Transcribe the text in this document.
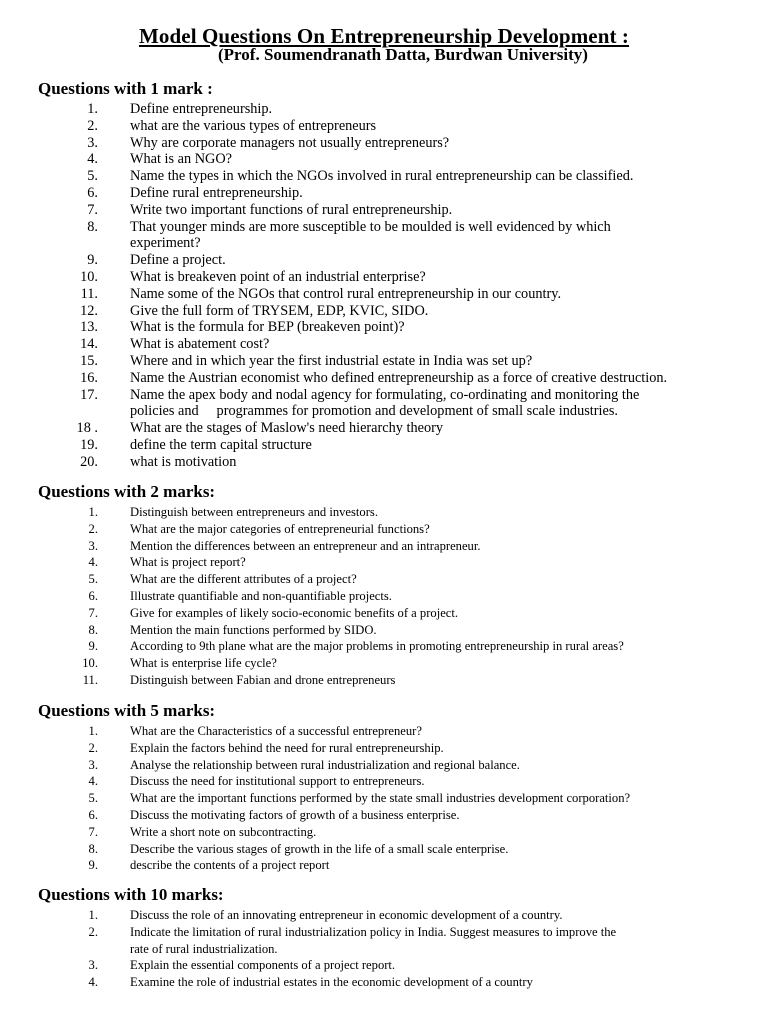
Model Questions On Entrepreneurship Development :
(Prof. Soumendranath Datta, Burdwan University)
Questions with 1 mark :
1. Define entrepreneurship.
2. what are the various types of entrepreneurs
3. Why are corporate managers not usually entrepreneurs?
4. What is an NGO?
5. Name the types in which the NGOs involved in rural entrepreneurship can be classified.
6. Define rural entrepreneurship.
7. Write two important functions of rural entrepreneurship.
8. That younger minds are more susceptible to be moulded is well evidenced by which
experiment?
9. Define a project.
10. What is breakeven point of an industrial enterprise?
11. Name some of the NGOs that control rural entrepreneurship in our country.
12. Give the full form of TRYSEM, EDP, KVIC, SIDO.
13. What is the formula for BEP (breakeven point)?
14. What is abatement cost?
15. Where and in which year the first industrial estate in India was set up?
16. Name the Austrian economist who defined entrepreneurship as a force of creative destruction.
17. Name the apex body and nodal agency for formulating, co-ordinating and monitoring the
policies and     programmes for promotion and development of small scale industries.
18 . What are the stages of Maslow's need hierarchy theory
19. define the term capital structure
20. what is motivation
Questions with 2 marks:
1.	Distinguish between entrepreneurs and investors.
2.	What are the major categories of entrepreneurial functions?
3.	Mention the differences between an entrepreneur and an intrapreneur.
4.	What is project report?
5.	What are the different attributes of a project?
6.	Illustrate quantifiable and non-quantifiable projects.
7.	Give for examples of likely socio-economic benefits of a project.
8.	Mention the main functions performed by SIDO.
9.	According to 9th plane what are the major problems in promoting entrepreneurship in rural areas?
10.	What is enterprise life cycle?
11.	Distinguish between Fabian and drone entrepreneurs
Questions with 5 marks:
1.	What are the Characteristics of a successful entrepreneur?
2.	Explain the factors behind the need for rural entrepreneurship.
3.	Analyse the relationship between rural industrialization and regional balance.
4.	Discuss the need for institutional support to entrepreneurs.
5.	What are the important functions performed by the state small industries development corporation?
6.	Discuss the motivating factors of growth of a business enterprise.
7.	Write a short note on subcontracting.
8.	Describe the various stages of growth in the life of a small scale enterprise.
9.	describe the contents of a project report
Questions with 10 marks:
1.	Discuss the role of an innovating entrepreneur in economic development of a country.
2.	Indicate the limitation of rural industrialization policy in India. Suggest measures to improve the
rate of rural industrialization.
3.	Explain the essential components of a project report.
4.	Examine the role of industrial estates in the economic development of a country
